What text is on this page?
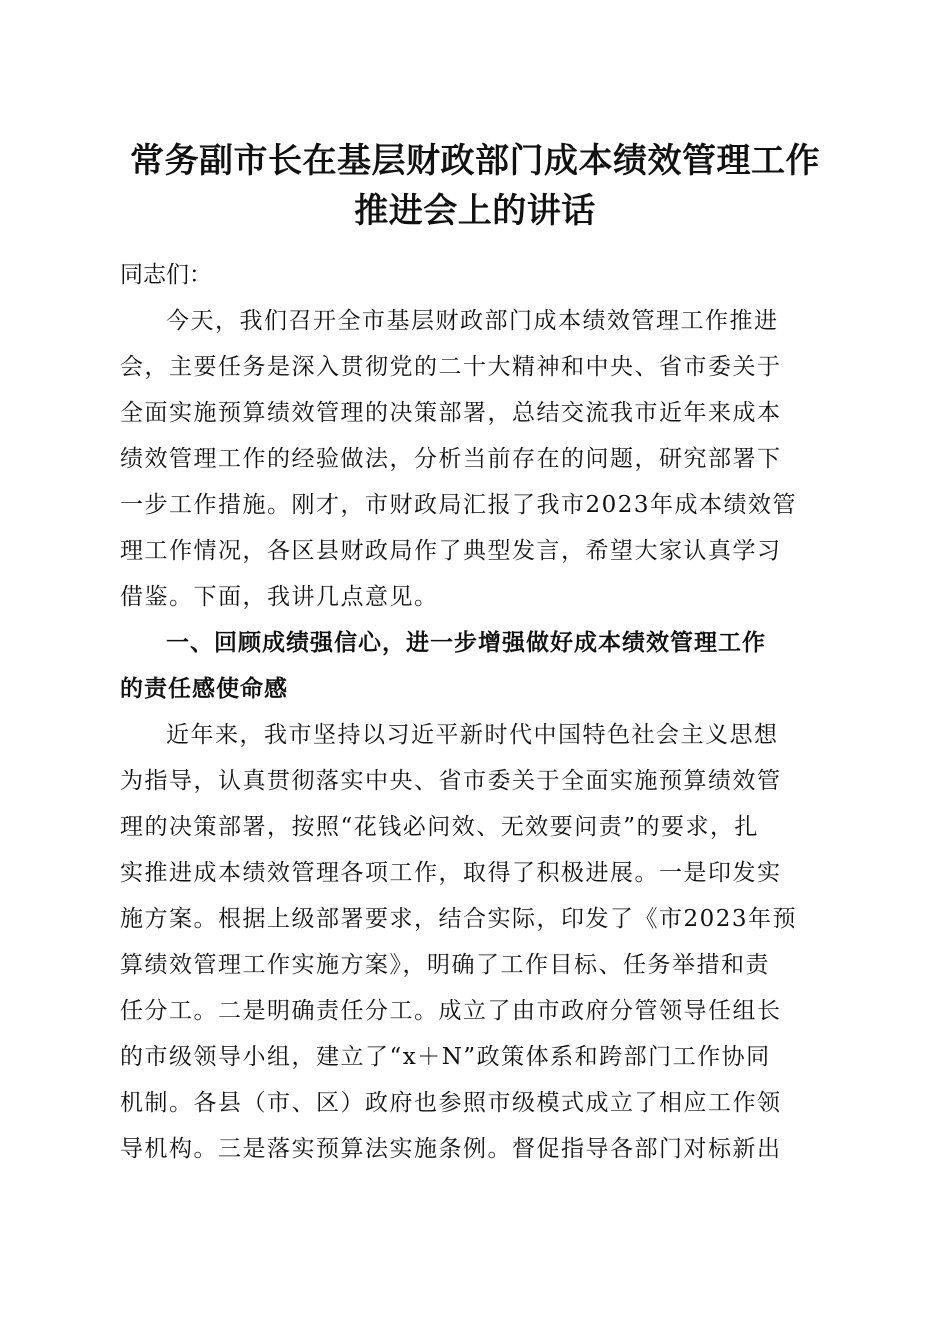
常务副市长在基层财政部门成本绩效管理工作
推进会上的讲话

同志们：

今天，我们召开全市基层财政部门成本绩效管理工作推进
会，主要任务是深入贯彻党的二十大精神和中央、省市委关于
全面实施预算绩效管理的决策部署，总结交流我市近年来成本
绩效管理工作的经验做法，分析当前存在的问题，研究部署下
一步工作措施。刚才，市财政局汇报了我市2023年成本绩效管
理工作情况，各区县财政局作了典型发言，希望大家认真学习
借鉴。下面，我讲几点意见。

一、回顾成绩强信心，进一步增强做好成本绩效管理工作
的责任感使命感

近年来，我市坚持以习近平新时代中国特色社会主义思想
为指导，认真贯彻落实中央、省市委关于全面实施预算绩效管
理的决策部署，按照“花钱必问效、无效要问责”的要求，扎
实推进成本绩效管理各项工作，取得了积极进展。一是印发实
施方案。根据上级部署要求，结合实际，印发了《市2023年预
算绩效管理工作实施方案》，明确了工作目标、任务举措和责
任分工。二是明确责任分工。成立了由市政府分管领导任组长
的市级领导小组，建立了“x＋N”政策体系和跨部门工作协同
机制。各县（市、区）政府也参照市级模式成立了相应工作领
导机构。三是落实预算法实施条例。督促指导各部门对标新出
